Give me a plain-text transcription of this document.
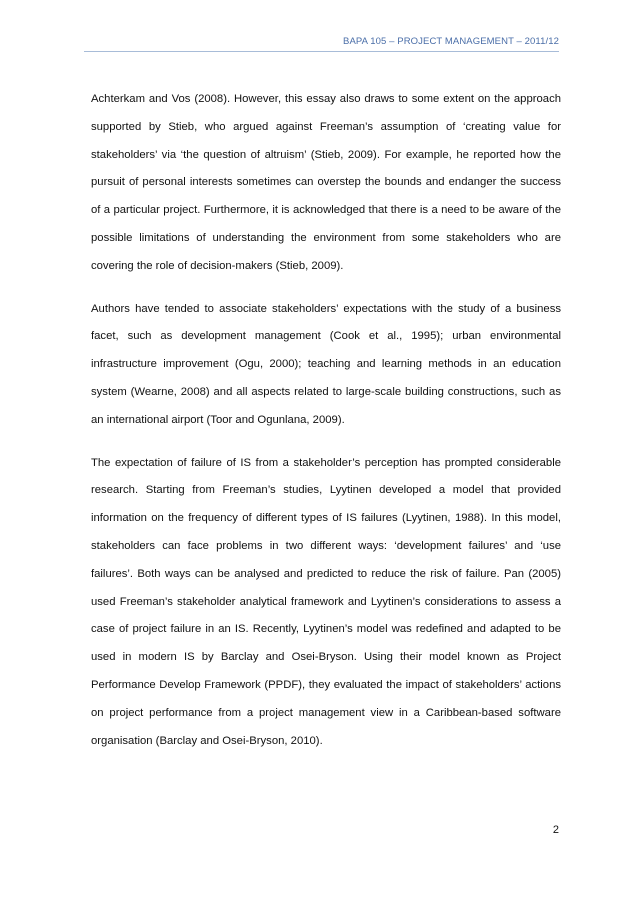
BAPA 105 – PROJECT MANAGEMENT – 2011/12

Achterkam and Vos (2008). However, this essay also draws to some extent on the approach supported by Stieb, who argued against Freeman’s assumption of ‘creating value for stakeholders’ via ‘the question of altruism’ (Stieb, 2009). For example, he reported how the pursuit of personal interests sometimes can overstep the bounds and endanger the success of a particular project. Furthermore, it is acknowledged that there is a need to be aware of the possible limitations of understanding the environment from some stakeholders who are covering the role of decision-makers (Stieb, 2009).

Authors have tended to associate stakeholders’ expectations with the study of a business facet, such as development management (Cook et al., 1995); urban environmental infrastructure improvement (Ogu, 2000); teaching and learning methods in an education system (Wearne, 2008) and all aspects related to large-scale building constructions, such as an international airport (Toor and Ogunlana, 2009).

The expectation of failure of IS from a stakeholder’s perception has prompted considerable research. Starting from Freeman’s studies, Lyytinen developed a model that provided information on the frequency of different types of IS failures (Lyytinen, 1988). In this model, stakeholders can face problems in two different ways: ‘development failures’ and ‘use failures’. Both ways can be analysed and predicted to reduce the risk of failure. Pan (2005) used Freeman’s stakeholder analytical framework and Lyytinen’s considerations to assess a case of project failure in an IS. Recently, Lyytinen’s model was redefined and adapted to be used in modern IS by Barclay and Osei-Bryson. Using their model known as Project Performance Develop Framework (PPDF), they evaluated the impact of stakeholders’ actions on project performance from a project management view in a Caribbean-based software organisation (Barclay and Osei-Bryson, 2010).

2
